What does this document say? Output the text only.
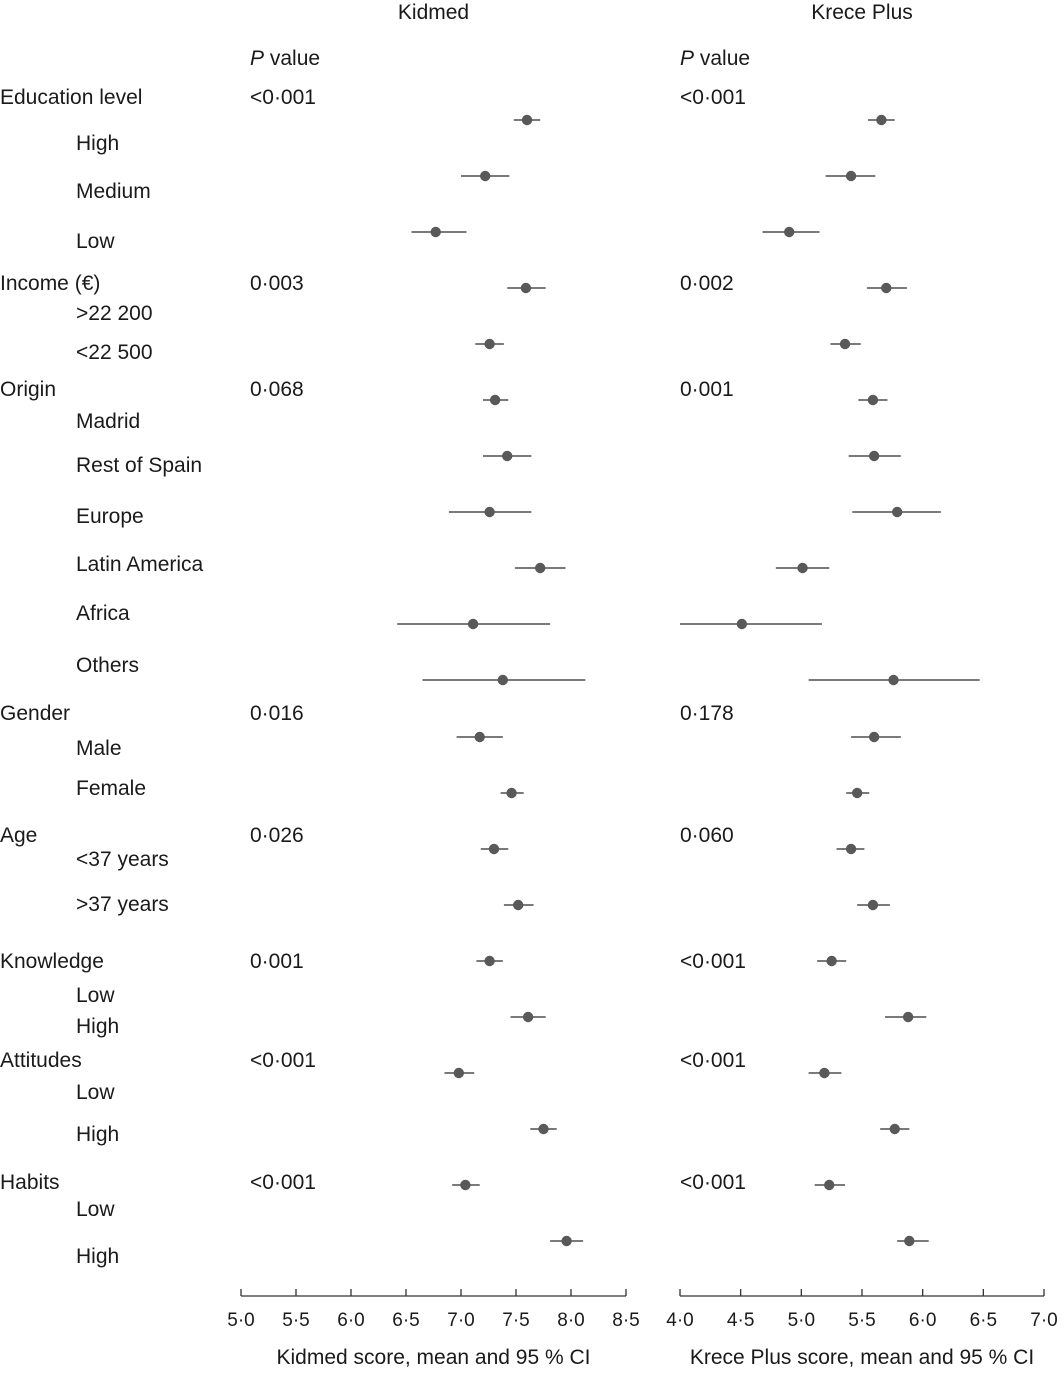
Education level	<0·001	<0·001
High
Medium
Low
Income (€)	0·003	0·002
>22 200
<22 500
Origin	0·068	0·001
Madrid
Rest of Spain
Europe
Latin America
Africa
Others
Gender	0·016	0·178
Male
Female
Age	0·026	0·060
<37 years
>37 years
Knowledge	0·001	<0·001
Low
High
Attitudes	<0·001	<0·001
Low
High
Habits	<0·001	<0·001
Low
High
Kidmed
P value
5·0 5·5 6·0 6·5 7·0 7·5 8·0 8·5
Kidmed score, mean and 95 % CI
Krece Plus
P value
4·0 4·5 5·0 5·5 6·0 6·5 7·0
Krece Plus score, mean and 95 % CI
